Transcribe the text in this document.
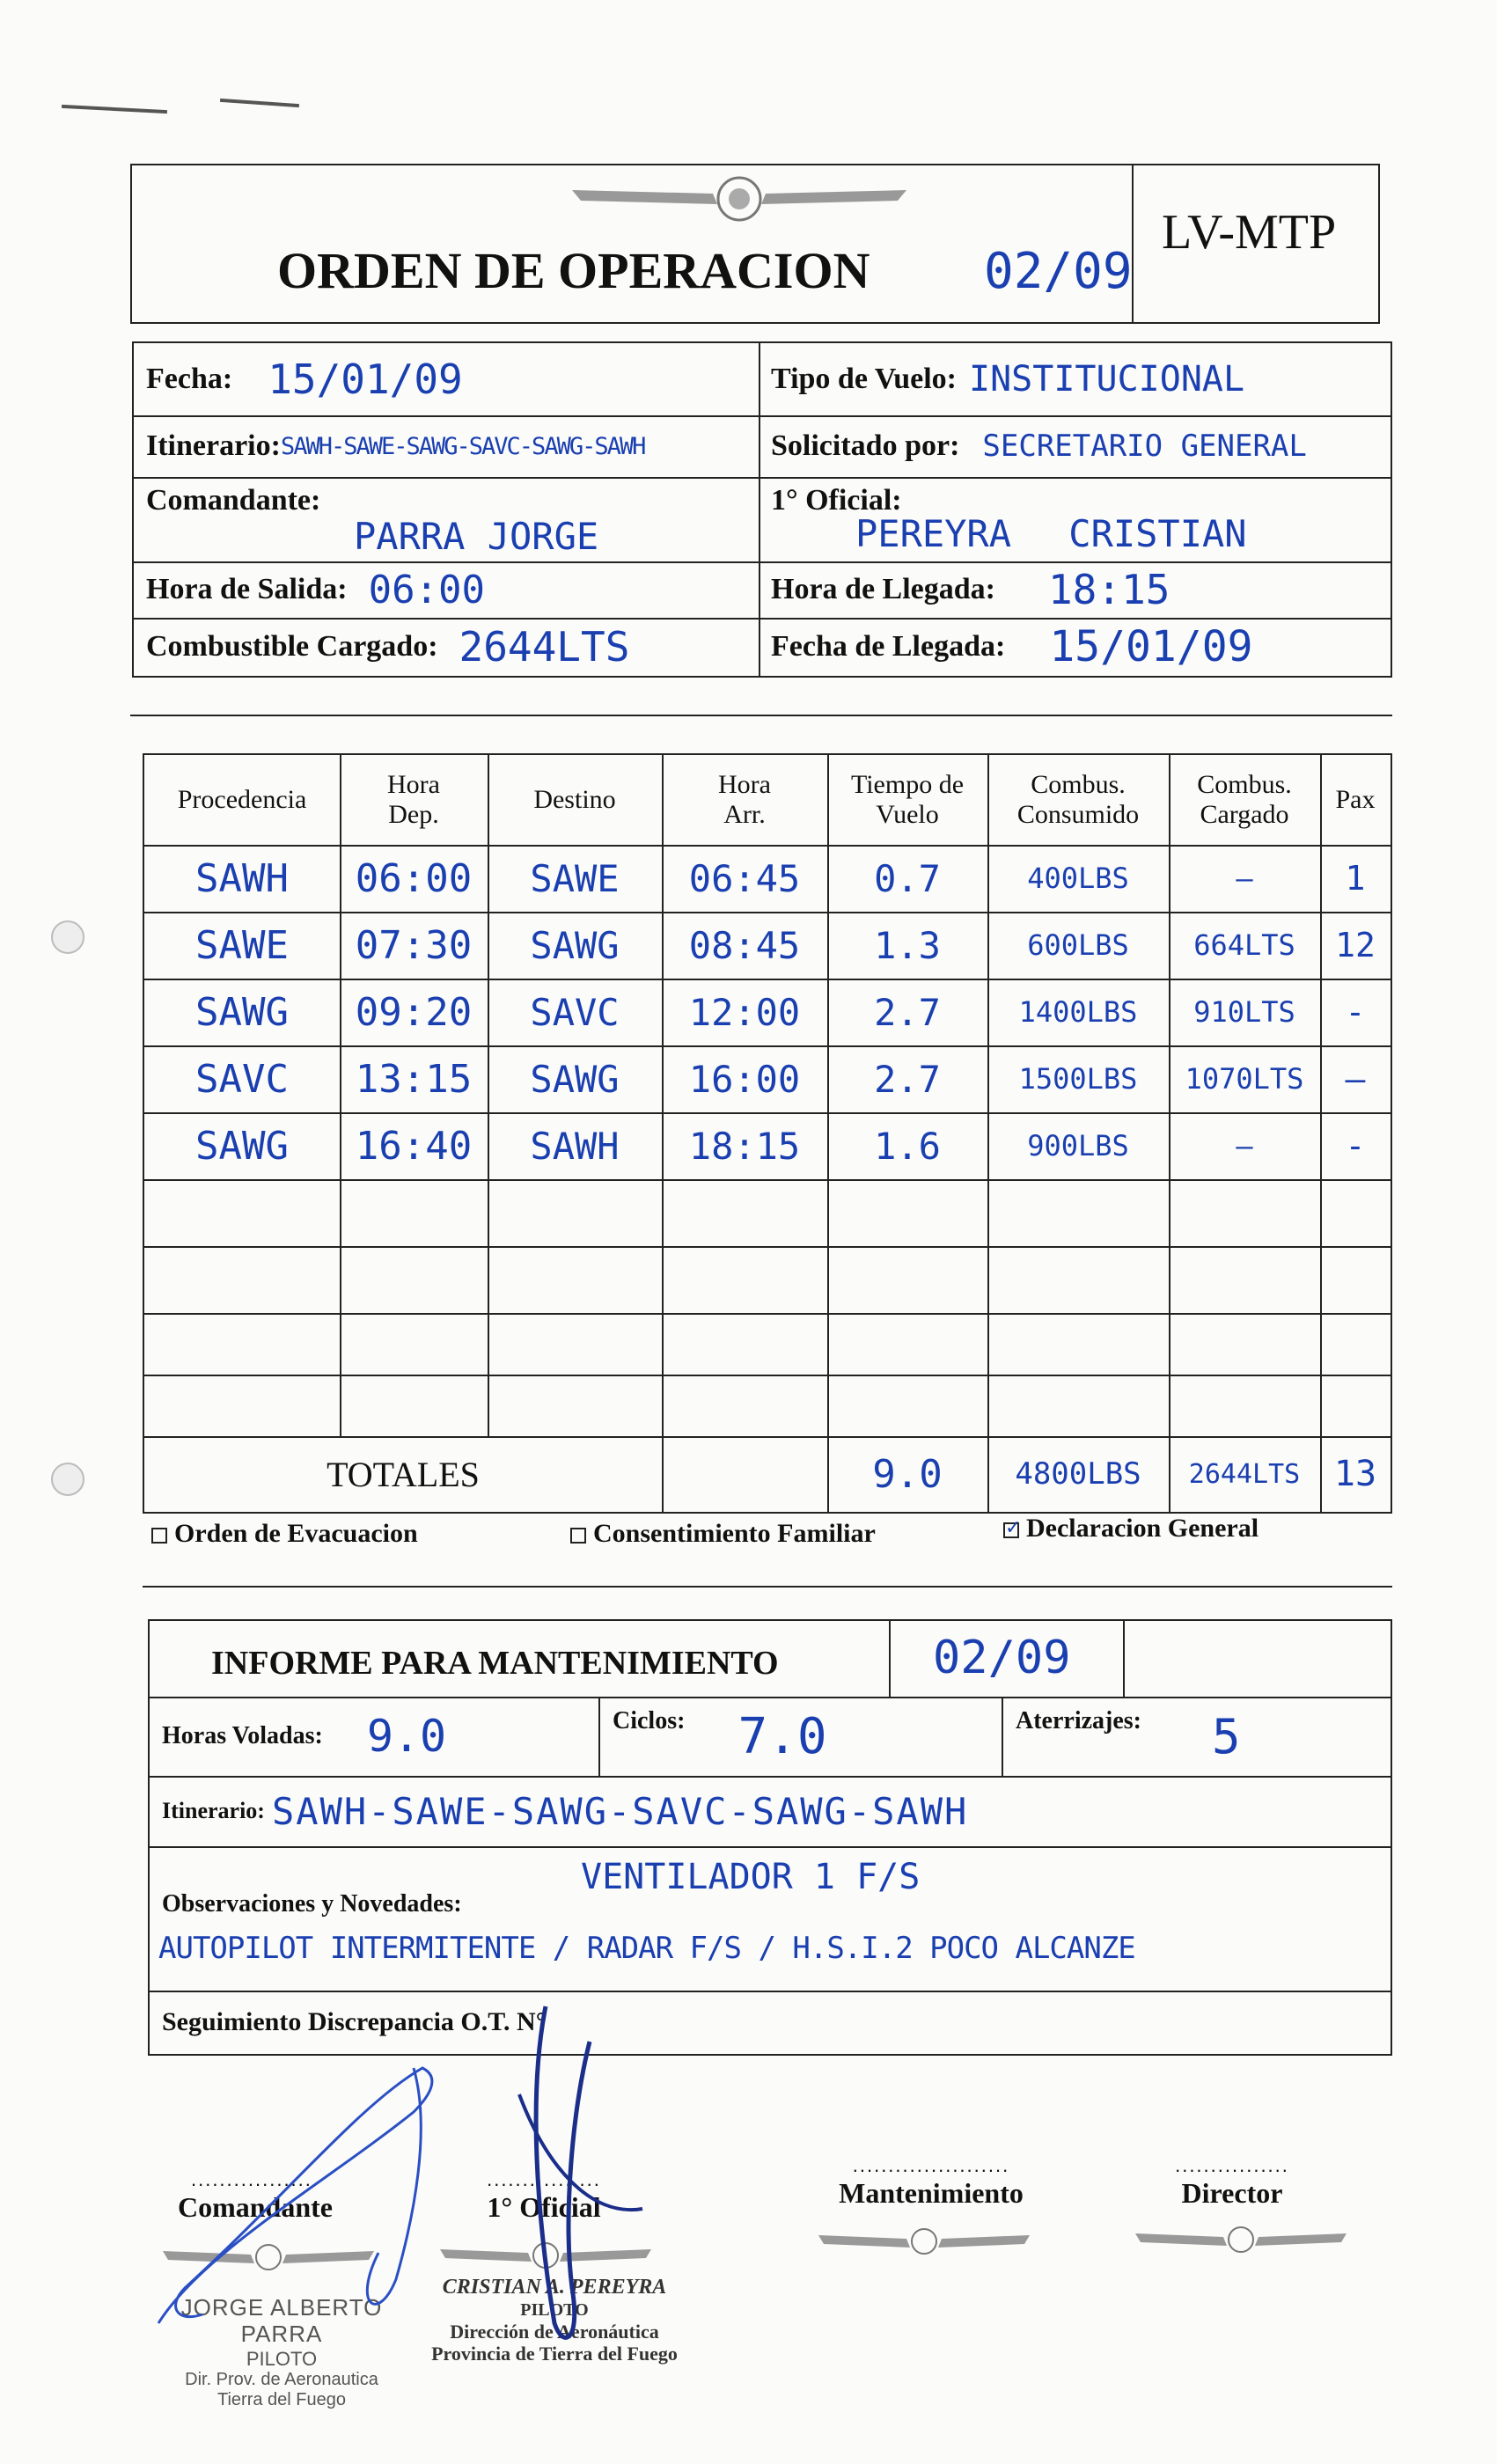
ORDEN DE OPERACION 02/09
LV-MTP
Fecha: 15/01/09	Tipo de Vuelo: INSTITUCIONAL
Itinerario: SAWH-SAWE-SAWG-SAVC-SAWG-SAWH	Solicitado por: SECRETARIO GENERAL
Comandante:
PARRA JORGE
1° Oficial:
PEREYRA CRISTIAN
Hora de Salida: 06:00	Hora de Llegada: 18:15
Combustible Cargado: 2644LTS	Fecha de Llegada: 15/01/09
Procedencia
Hora
Dep.
Destino
Hora
Arr.
Tiempo de
Vuelo
Combus.
Consumido
Combus.
Cargado
Pax
SAWH	06:00	SAWE	06:45	0.7	400LBS	—	1
SAWE	07:30	SAWG	08:45	1.3	600LBS	664LTS	12
SAWG	09:20	SAVC	12:00	2.7	1400LBS	910LTS	-
SAVC	13:15	SAWG	16:00	2.7	1500LBS	1070LTS	—
SAWG	16:40	SAWH	18:15	1.6	900LBS	—	-
TOTALES	9.0	4800LBS	2644LTS 13
Orden de Evacuacion	Consentimiento Familiar
✓	Declaracion General
INFORME PARA MANTENIMIENTO	02/09
Horas Voladas: 9.0	Ciclos: 7.0	Aterrizajes: 5
Itinerario: SAWH-SAWE-SAWG-SAVC-SAWG-SAWH
VENTILADOR 1 F/S
Observaciones y Novedades:
AUTOPILOT INTERMITENTE / RADAR F/S / H.S.I.2 POCO ALCANZE
Seguimiento Discrepancia O.T. N°
..................
Comandante
................
1° Oficial
......................
Mantenimiento
................
Director
JORGE ALBERTO PARRA
PILOTO
Dir. Prov. de Aeronautica
Tierra del Fuego
CRISTIAN A. PEREYRA
PILOTO
Dirección de Aeronáutica
Provincia de Tierra del Fuego
